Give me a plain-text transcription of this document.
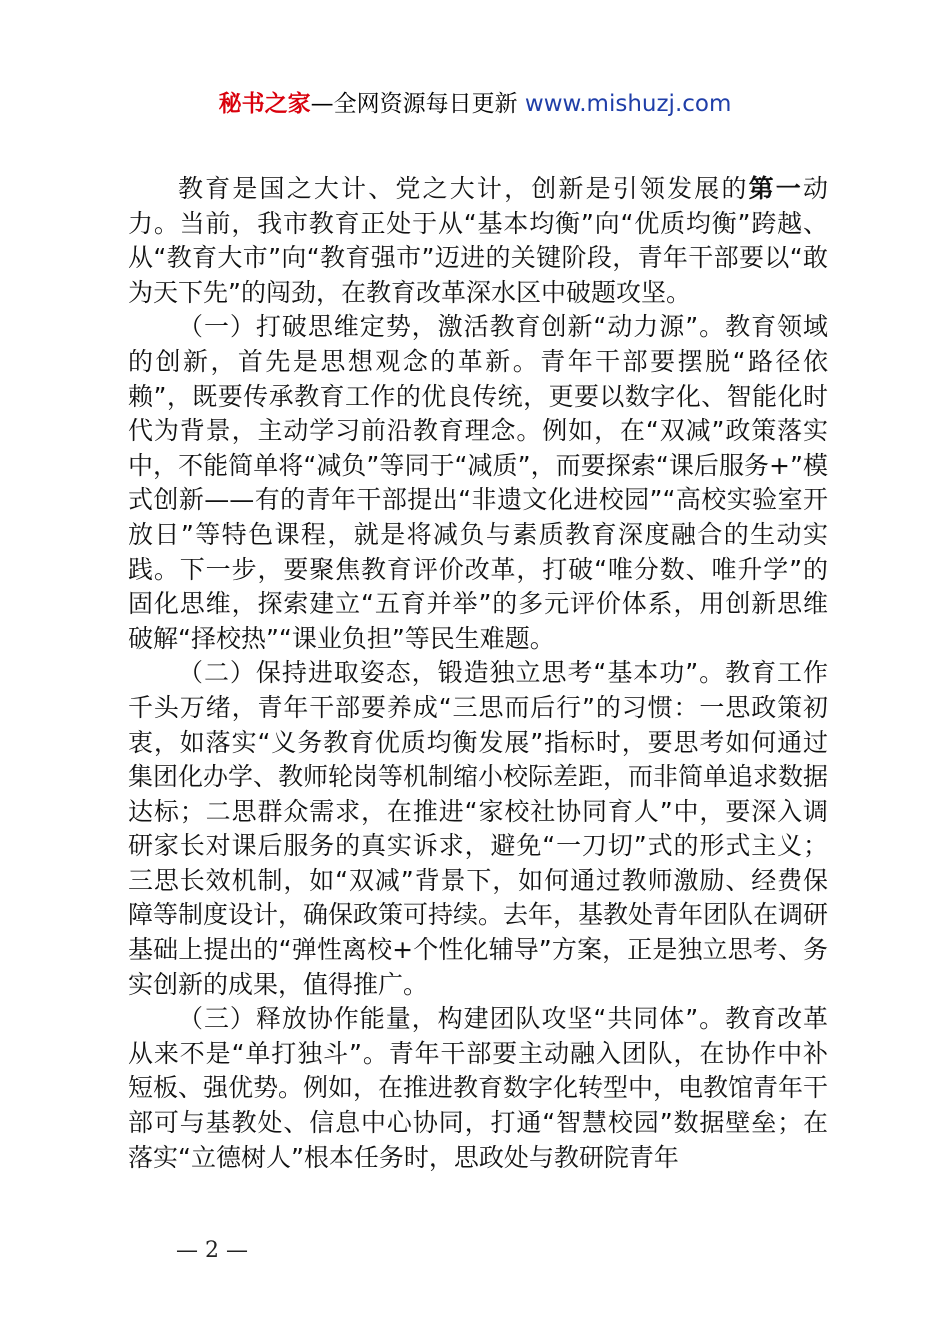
秘书之家—全网资源每日更新 www.mishuzj.com

教育是国之大计、党之大计，创新是引领发展的第一动力。当前，我市教育正处于从“基本均衡”向“优质均衡”跨越、从“教育大市”向“教育强市”迈进的关键阶段，青年干部要以“敢为天下先”的闯劲，在教育改革深水区中破题攻坚。

（一）打破思维定势，激活教育创新“动力源”。教育领域的创新，首先是思想观念的革新。青年干部要摆脱“路径依赖”，既要传承教育工作的优良传统，更要以数字化、智能化时代为背景，主动学习前沿教育理念。例如，在“双减”政策落实中，不能简单将“减负”等同于“减质”，而要探索“课后服务+”模式创新——有的青年干部提出“非遗文化进校园”“高校实验室开放日”等特色课程，就是将减负与素质教育深度融合的生动实践。下一步，要聚焦教育评价改革，打破“唯分数、唯升学”的固化思维，探索建立“五育并举”的多元评价体系，用创新思维破解“择校热”“课业负担”等民生难题。

（二）保持进取姿态，锻造独立思考“基本功”。教育工作千头万绪，青年干部要养成“三思而后行”的习惯：一思政策初衷，如落实“义务教育优质均衡发展”指标时，要思考如何通过集团化办学、教师轮岗等机制缩小校际差距，而非简单追求数据达标；二思群众需求，在推进“家校社协同育人”中，要深入调研家长对课后服务的真实诉求，避免“一刀切”式的形式主义；三思长效机制，如“双减”背景下，如何通过教师激励、经费保障等制度设计，确保政策可持续。去年，基教处青年团队在调研基础上提出的“弹性离校+个性化辅导”方案，正是独立思考、务实创新的成果，值得推广。

（三）释放协作能量，构建团队攻坚“共同体”。教育改革从来不是“单打独斗”。青年干部要主动融入团队，在协作中补短板、强优势。例如，在推进教育数字化转型中，电教馆青年干部可与基教处、信息中心协同，打通“智慧校园”数据壁垒；在落实“立德树人”根本任务时，思政处与教研院青年

— 2 —
